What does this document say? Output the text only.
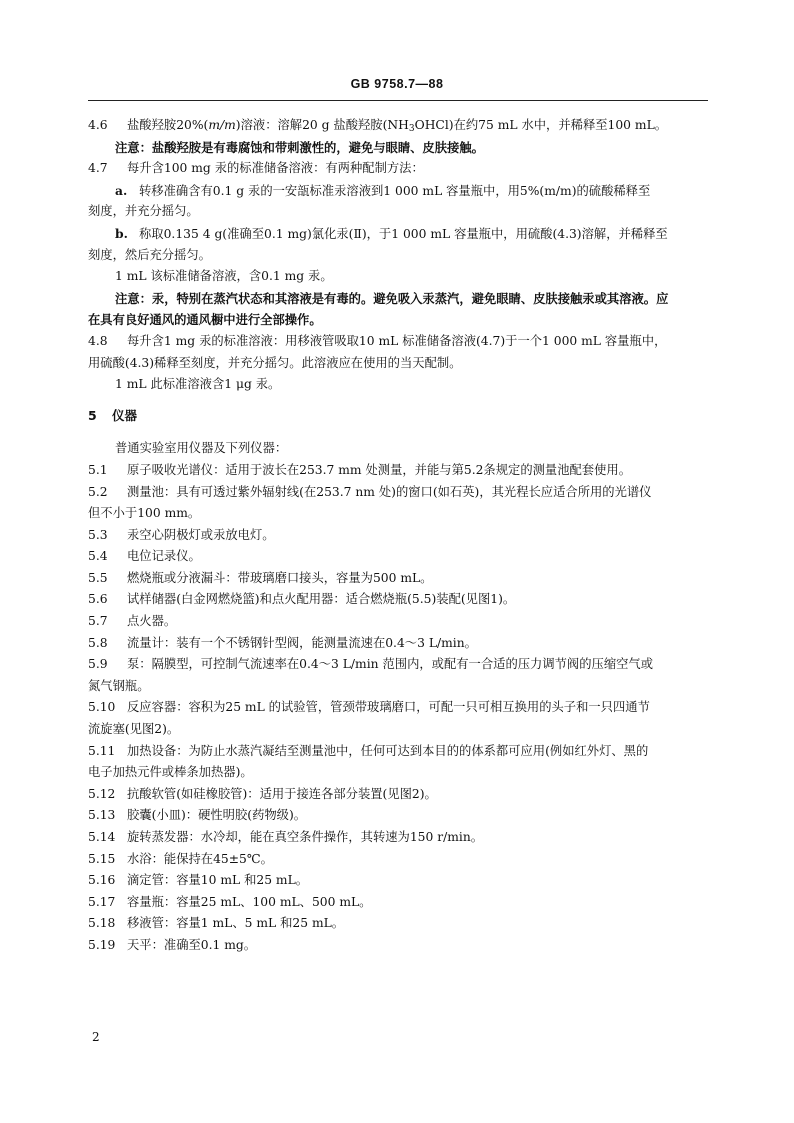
GB 9758.7—88
4.6 盐酸羟胺20%(m/m)溶液：溶解20 g 盐酸羟胺$(NH_3OHCl)$在约75 mL 水中，并稀释至100 mL。
注意：盐酸羟胺是有毒腐蚀和带刺激性的，避免与眼睛、皮肤接触。
4.7 每升含100 mg 汞的标准储备溶液：有两种配制方法：
a. 转移准确含有0.1 g 汞的一安瓿标准汞溶液到1 000 mL 容量瓶中，用5%(m/m)的硫酸稀释至
刻度，并充分摇匀。
b. 称取0.135 4 g(准确至0.1 mg)氯化汞(Ⅱ)，于1 000 mL 容量瓶中，用硫酸(4.3)溶解，并稀释至
刻度，然后充分摇匀。
1 mL 该标准储备溶液，含0.1 mg 汞。
注意：汞，特别在蒸汽状态和其溶液是有毒的。避免吸入汞蒸汽，避免眼睛、皮肤接触汞或其溶液。应
在具有良好通风的通风橱中进行全部操作。
4.8 每升含1 mg 汞的标准溶液：用移液管吸取10 mL 标准储备溶液(4.7)于一个1 000 mL 容量瓶中，
用硫酸(4.3)稀释至刻度，并充分摇匀。此溶液应在使用的当天配制。
1 mL 此标准溶液含1 μg 汞。
5 仪器
普通实验室用仪器及下列仪器：
5.1 原子吸收光谱仪：适用于波长在253.7 mm 处测量，并能与第5.2条规定的测量池配套使用。
5.2 测量池：具有可透过紫外辐射线(在253.7 nm 处)的窗口(如石英)，其光程长应适合所用的光谱仪
但不小于100 mm。
5.3 汞空心阴极灯或汞放电灯。
5.4 电位记录仪。
5.5 燃烧瓶或分液漏斗：带玻璃磨口接头，容量为500 mL。
5.6 试样储器(白金网燃烧篮)和点火配用器：适合燃烧瓶(5.5)装配(见图1)。
5.7 点火器。
5.8 流量计：装有一个不锈钢针型阀，能测量流速在0.4～3 L/min。
5.9 泵：隔膜型，可控制气流速率在0.4～3 L/min 范围内，或配有一合适的压力调节阀的压缩空气或
氮气钢瓶。
5.10 反应容器：容积为25 mL 的试验管，管颈带玻璃磨口，可配一只可相互换用的头子和一只四通节
流旋塞(见图2)。
5.11 加热设备：为防止水蒸汽凝结至测量池中，任何可达到本目的的体系都可应用(例如红外灯、黑的
电子加热元件或棒条加热器)。
5.12 抗酸软管(如硅橡胶管)：适用于接连各部分装置(见图2)。
5.13 胶囊(小皿)：硬性明胶(药物级)。
5.14 旋转蒸发器：水冷却，能在真空条件操作，其转速为150 r/min。
5.15 水浴：能保持在45±5℃。
5.16 滴定管：容量10 mL 和25 mL。
5.17 容量瓶：容量25 mL、100 mL、500 mL。
5.18 移液管：容量1 mL、5 mL 和25 mL。
5.19 天平：准确至0.1 mg。
2
